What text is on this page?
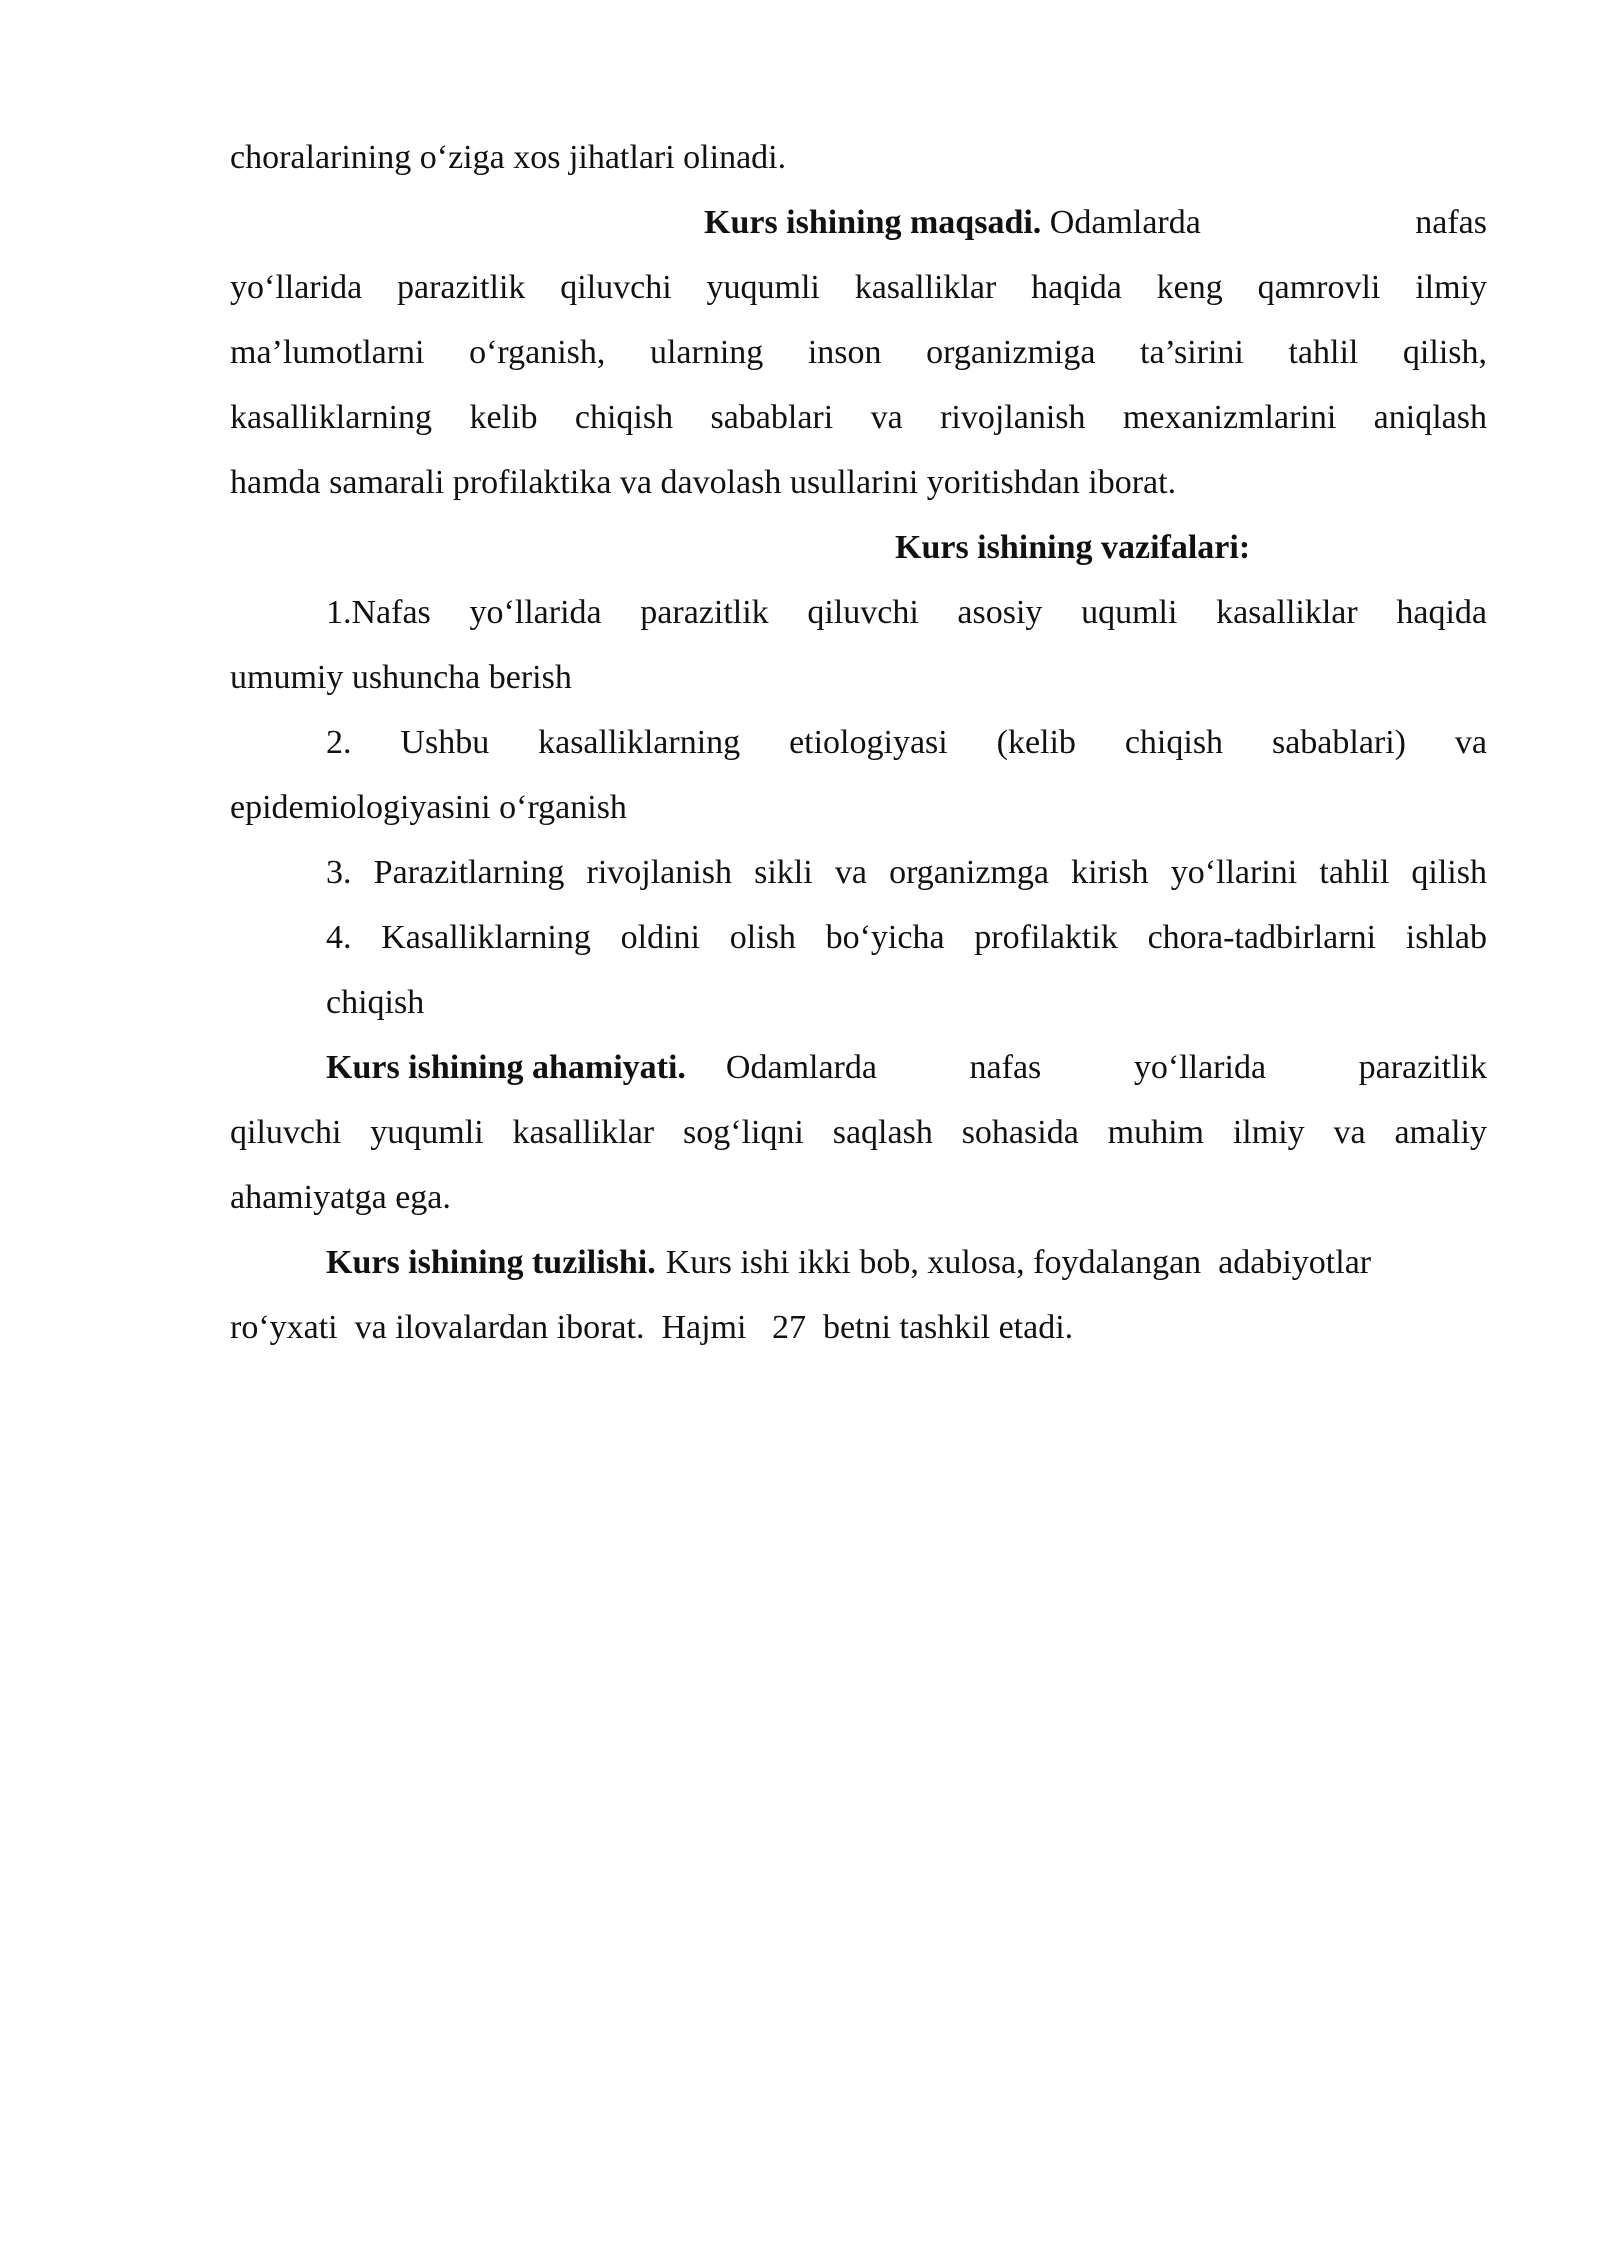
choralarining o‘ziga xos jihatlari olinadi.
Kurs ishining maqsadi. Odamlarda	nafas
yo‘llarida parazitlik qiluvchi yuqumli kasalliklar haqida keng qamrovli ilmiy
ma’lumotlarni o‘rganish, ularning inson organizmiga ta’sirini tahlil qilish,
kasalliklarning kelib chiqish sabablari va rivojlanish mexanizmlarini aniqlash
hamda samarali profilaktika va davolash usullarini yoritishdan iborat.
Kurs ishining vazifalari:
1.Nafas yo‘llarida parazitlik qiluvchi asosiy uqumli kasalliklar haqida
umumiy ushuncha berish
2. Ushbu kasalliklarning etiologiyasi (kelib chiqish sabablari) va
epidemiologiyasini o‘rganish
3. Parazitlarning rivojlanish sikli va organizmga kirish yo‘llarini tahlil qilish
4. Kasalliklarning oldini olish bo‘yicha profilaktik chora-tadbirlarni ishlab
chiqish
Kurs ishining ahamiyati.	Odamlarda nafas yo‘llarida parazitlik
qiluvchi yuqumli kasalliklar sog‘liqni saqlash sohasida muhim ilmiy va amaliy
ahamiyatga ega.
Kurs ishining tuzilishi. Kurs ishi ikki bob, xulosa, foydalangan  adabiyotlar
ro‘yxati  va ilovalardan iborat.  Hajmi   27  betni tashkil etadi.
